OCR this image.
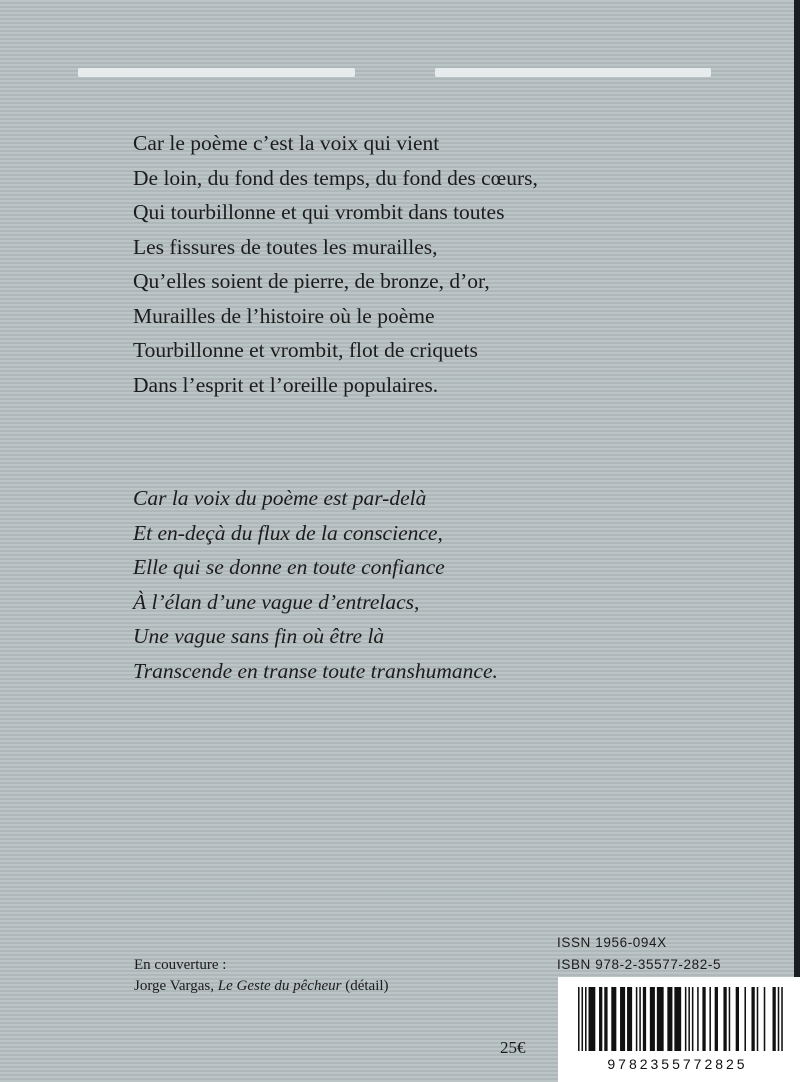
Car le poème c’est la voix qui vient
De loin, du fond des temps, du fond des cœurs,
Qui tourbillonne et qui vrombit dans toutes
Les fissures de toutes les murailles,
Qu’elles soient de pierre, de bronze, d’or,
Murailles de l’histoire où le poème
Tourbillonne et vrombit, flot de criquets
Dans l’esprit et l’oreille populaires.
Car la voix du poème est par-delà
Et en-deçà du flux de la conscience,
Elle qui se donne en toute confiance
À l’élan d’une vague d’entrelacs,
Une vague sans fin où être là
Transcende en transe toute transhumance.
En couverture :
Jorge Vargas, Le Geste du pêcheur (détail)
ISSN 1956-094X
ISBN 978-2-35577-282-5
25€
9782355772825
